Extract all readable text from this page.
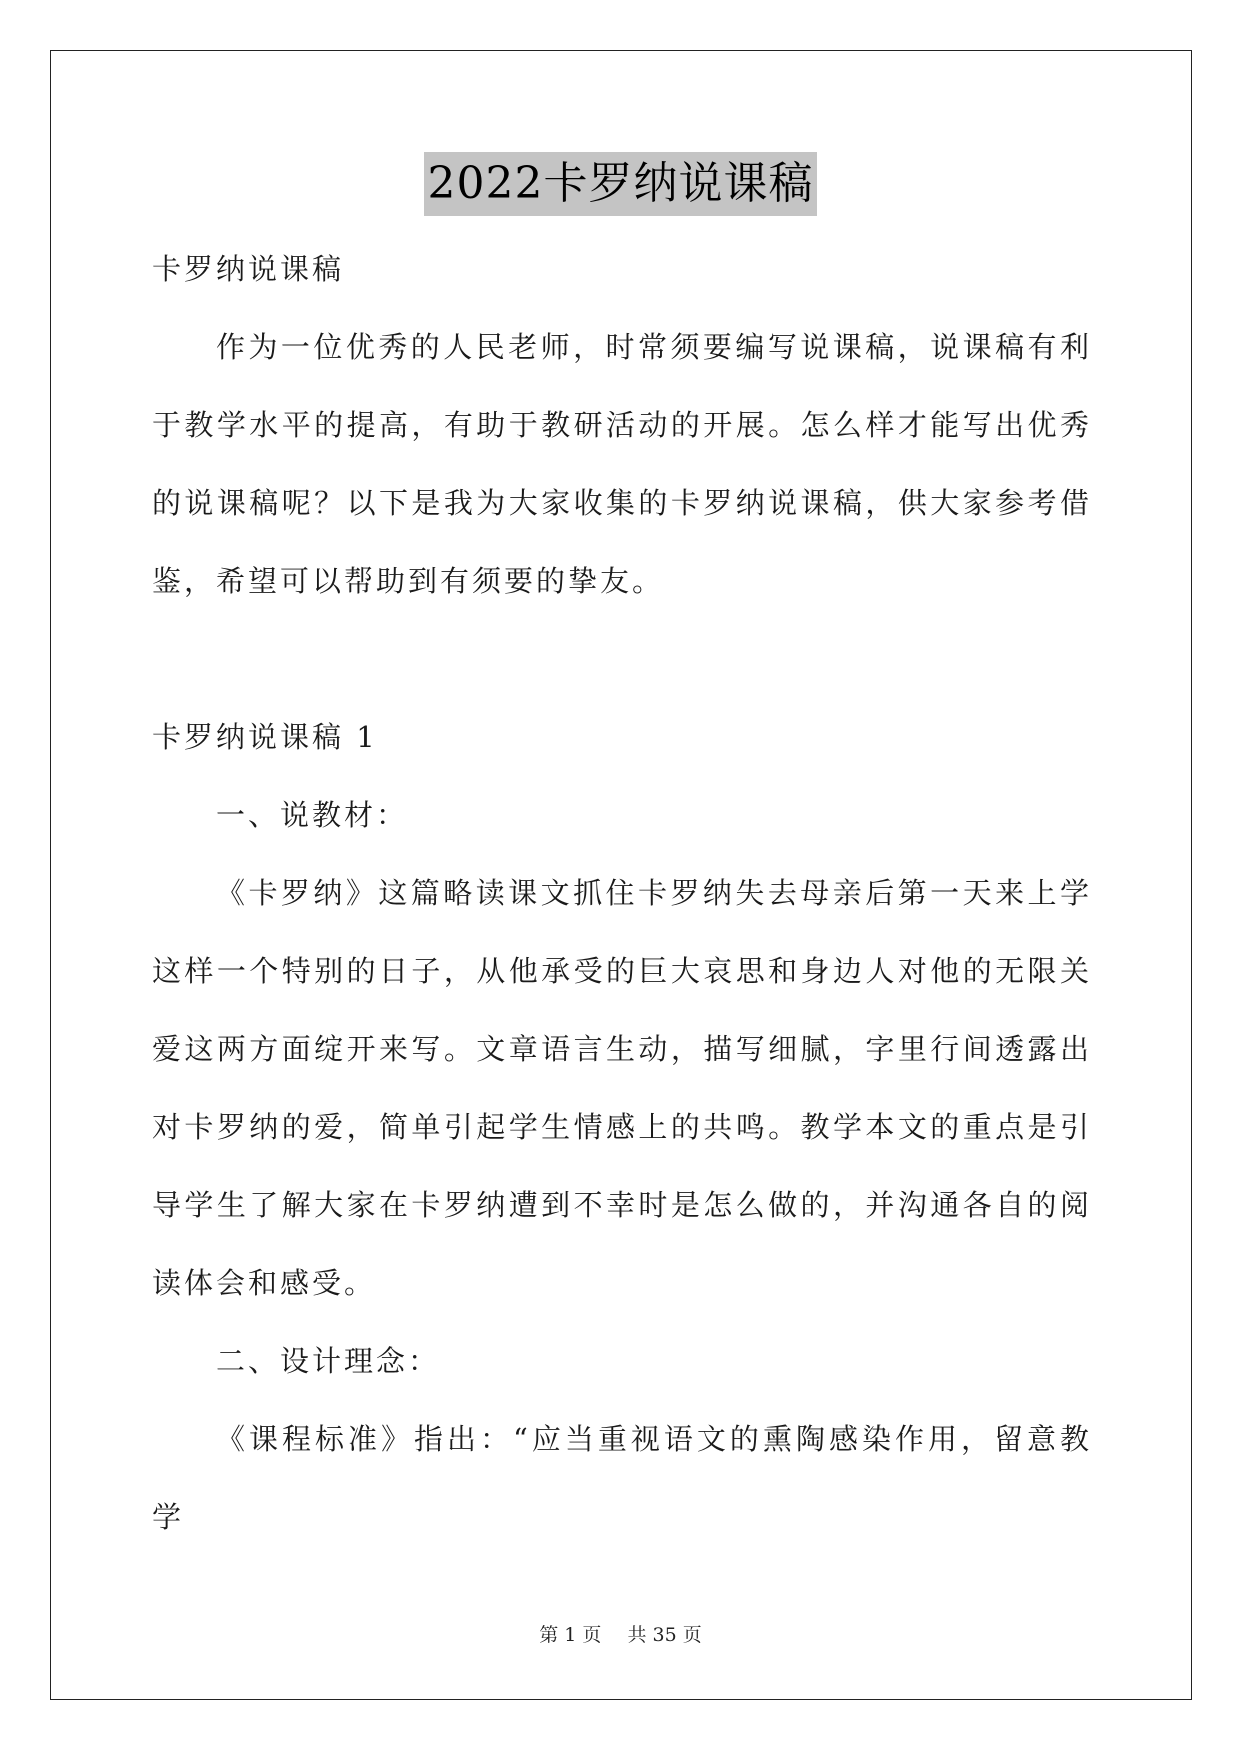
2022卡罗纳说课稿

卡罗纳说课稿

作为一位优秀的人民老师，时常须要编写说课稿，说课稿有利于教学水平的提高，有助于教研活动的开展。怎么样才能写出优秀的说课稿呢？以下是我为大家收集的卡罗纳说课稿，供大家参考借鉴，希望可以帮助到有须要的挚友。

卡罗纳说课稿 1

一、说教材：

《卡罗纳》这篇略读课文抓住卡罗纳失去母亲后第一天来上学这样一个特别的日子，从他承受的巨大哀思和身边人对他的无限关爱这两方面绽开来写。文章语言生动，描写细腻，字里行间透露出对卡罗纳的爱，简单引起学生情感上的共鸣。教学本文的重点是引导学生了解大家在卡罗纳遭到不幸时是怎么做的，并沟通各自的阅读体会和感受。

二、设计理念：

《课程标准》指出：“应当重视语文的熏陶感染作用，留意教学

第 1 页 共 35 页
